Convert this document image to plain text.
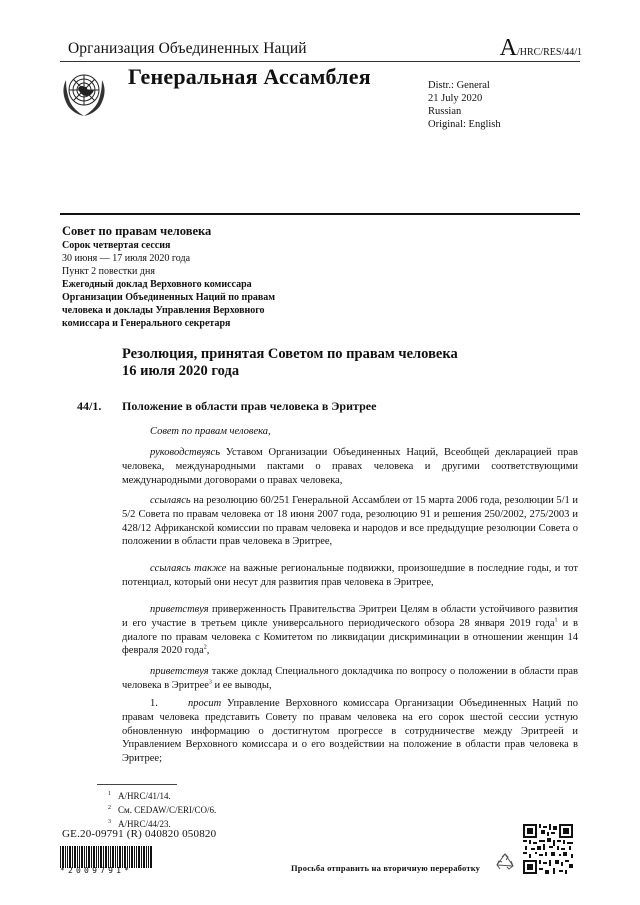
Организация Объединенных Наций	A/HRC/RES/44/1
Генеральная Ассамблея	Distr.: General
21 July 2020
Russian
Original: English
Совет по правам человека
Сорок четвертая сессия
30 июня — 17 июля 2020 года
Пункт 2 повестки дня
Ежегодный доклад Верховного комиссара
Организации Объединенных Наций по правам
человека и доклады Управления Верховного
комиссара и Генерального секретаря
Резолюция, принятая Советом по правам человека
16 июля 2020 года
44/1. Положение в области прав человека в Эритрее
Совет по правам человека,
руководствуясь Уставом Организации Объединенных Наций, Всеобщей декларацией прав человека, международными пактами о правах человека и другими соответствующими международными договорами о правах человека,
ссылаясь на резолюцию 60/251 Генеральной Ассамблеи от 15 марта 2006 года, резолюции 5/1 и 5/2 Совета по правам человека от 18 июня 2007 года, резолюцию 91 и решения 250/2002, 275/2003 и 428/12 Африканской комиссии по правам человека и народов и все предыдущие резолюции Совета о положении в области прав человека в Эритрее,
ссылаясь также на важные региональные подвижки, произошедшие в последние годы, и тот потенциал, который они несут для развития прав человека в Эритрее,
приветствуя приверженность Правительства Эритреи Целям в области устойчивого развития и его участие в третьем цикле универсального периодического обзора 28 января 2019 года$^1$ и в диалоге по правам человека с Комитетом по ликвидации дискриминации в отношении женщин 14 февраля 2020 года$^2$,
приветствуя также доклад Специального докладчика по вопросу о положении в области прав человека в Эритрее$^3$ и ее выводы,
1.	просит Управление Верховного комиссара Организации Объединенных Наций по правам человека представить Совету по правам человека на его сорок шестой сессии устную обновленную информацию о достигнутом прогрессе в сотрудничестве между Эритреей и Управлением Верховного комиссара и о его воздействии на положение в области прав человека в Эритрее;
$^1$ A/HRC/41/14.
$^2$ См. CEDAW/C/ERI/CO/6.
$^3$ A/HRC/44/23.
GE.20-09791 (R) 040820 050820
*2009791*	Просьба отправить на вторичную переработку
